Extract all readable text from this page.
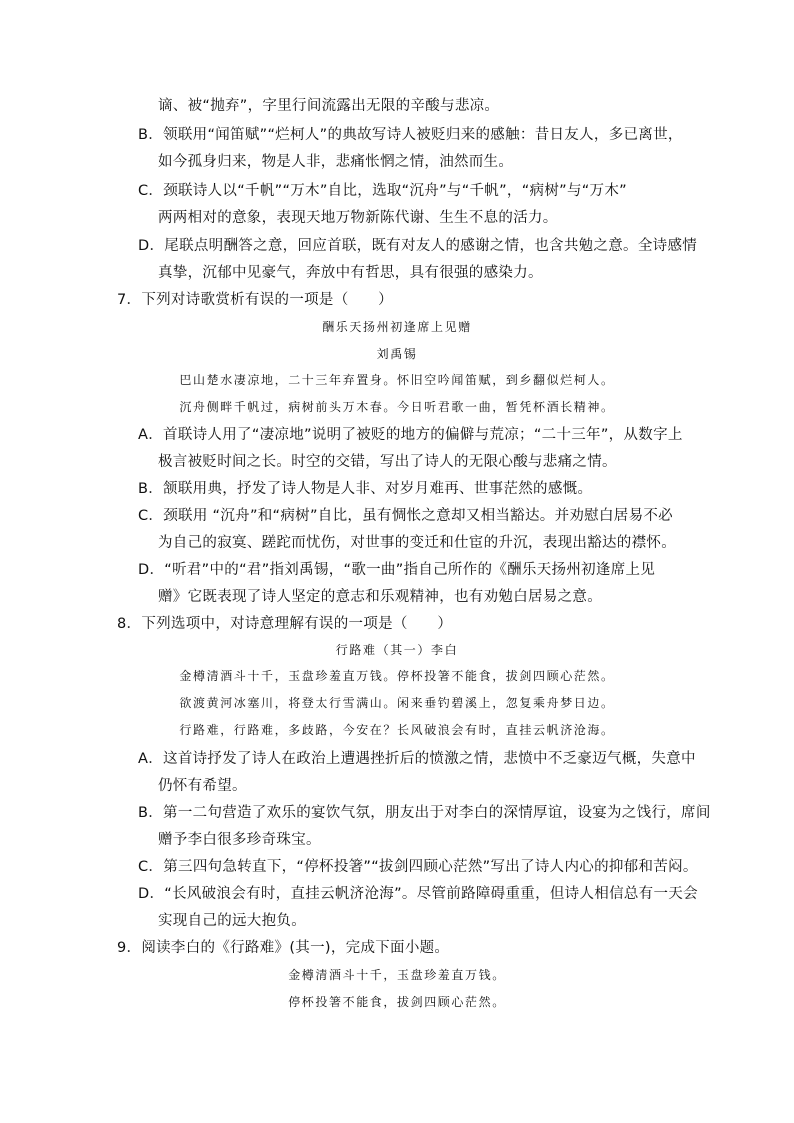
谪、被“抛弃”，字里行间流露出无限的辛酸与悲凉。
B．领联用“闻笛赋”“烂柯人”的典故写诗人被贬归来的感触：昔日友人，多已离世，
如今孤身归来，物是人非，悲痛怅惘之情，油然而生。
C．颈联诗人以“千帆”“万木”自比，选取“沉舟”与“千帆”，“病树”与“万木”
两两相对的意象，表现天地万物新陈代谢、生生不息的活力。
D．尾联点明酬答之意，回应首联，既有对友人的感谢之情，也含共勉之意。全诗感情
真挚，沉郁中见豪气，奔放中有哲思，具有很强的感染力。
7．下列对诗歌赏析有误的一项是（　　）
酬乐天扬州初逢席上见赠
刘禹锡
巴山楚水凄凉地，二十三年弃置身。怀旧空吟闻笛赋，到乡翻似烂柯人。
沉舟侧畔千帆过，病树前头万木春。今日听君歌一曲，暂凭杯酒长精神。
A．首联诗人用了“凄凉地”说明了被贬的地方的偏僻与荒凉；“二十三年”，从数字上
极言被贬时间之长。时空的交错，写出了诗人的无限心酸与悲痛之情。
B．颔联用典，抒发了诗人物是人非、对岁月难再、世事茫然的感慨。
C．颈联用 “沉舟”和“病树”自比，虽有惆怅之意却又相当豁达。并劝慰白居易不必
为自己的寂寞、蹉跎而忧伤，对世事的变迁和仕宦的升沉，表现出豁达的襟怀。
D．“听君”中的“君”指刘禹锡，“歌一曲”指自己所作的《酬乐天扬州初逢席上见
赠》它既表现了诗人坚定的意志和乐观精神，也有劝勉白居易之意。
8．下列选项中，对诗意理解有误的一项是（　　）
行路难（其一）李白
金樽清酒斗十千，玉盘珍羞直万钱。停杯投箸不能食，拔剑四顾心茫然。
欲渡黄河冰塞川，将登太行雪满山。闲来垂钓碧溪上，忽复乘舟梦日边。
行路难，行路难，多歧路，今安在？长风破浪会有时，直挂云帆济沧海。
A．这首诗抒发了诗人在政治上遭遇挫折后的愤激之情，悲愤中不乏豪迈气概，失意中
仍怀有希望。
B．第一二句营造了欢乐的宴饮气氛，朋友出于对李白的深情厚谊，设宴为之饯行，席间
赠予李白很多珍奇珠宝。
C．第三四句急转直下，“停杯投箸”“拔剑四顾心茫然”写出了诗人内心的抑郁和苦闷。
D．“长风破浪会有时，直挂云帆济沧海”。尽管前路障碍重重，但诗人相信总有一天会
实现自己的远大抱负。
9．阅读李白的《行路难》(其一)，完成下面小题。
金樽清酒斗十千，玉盘珍羞直万钱。
停杯投箸不能食，拔剑四顾心茫然。
